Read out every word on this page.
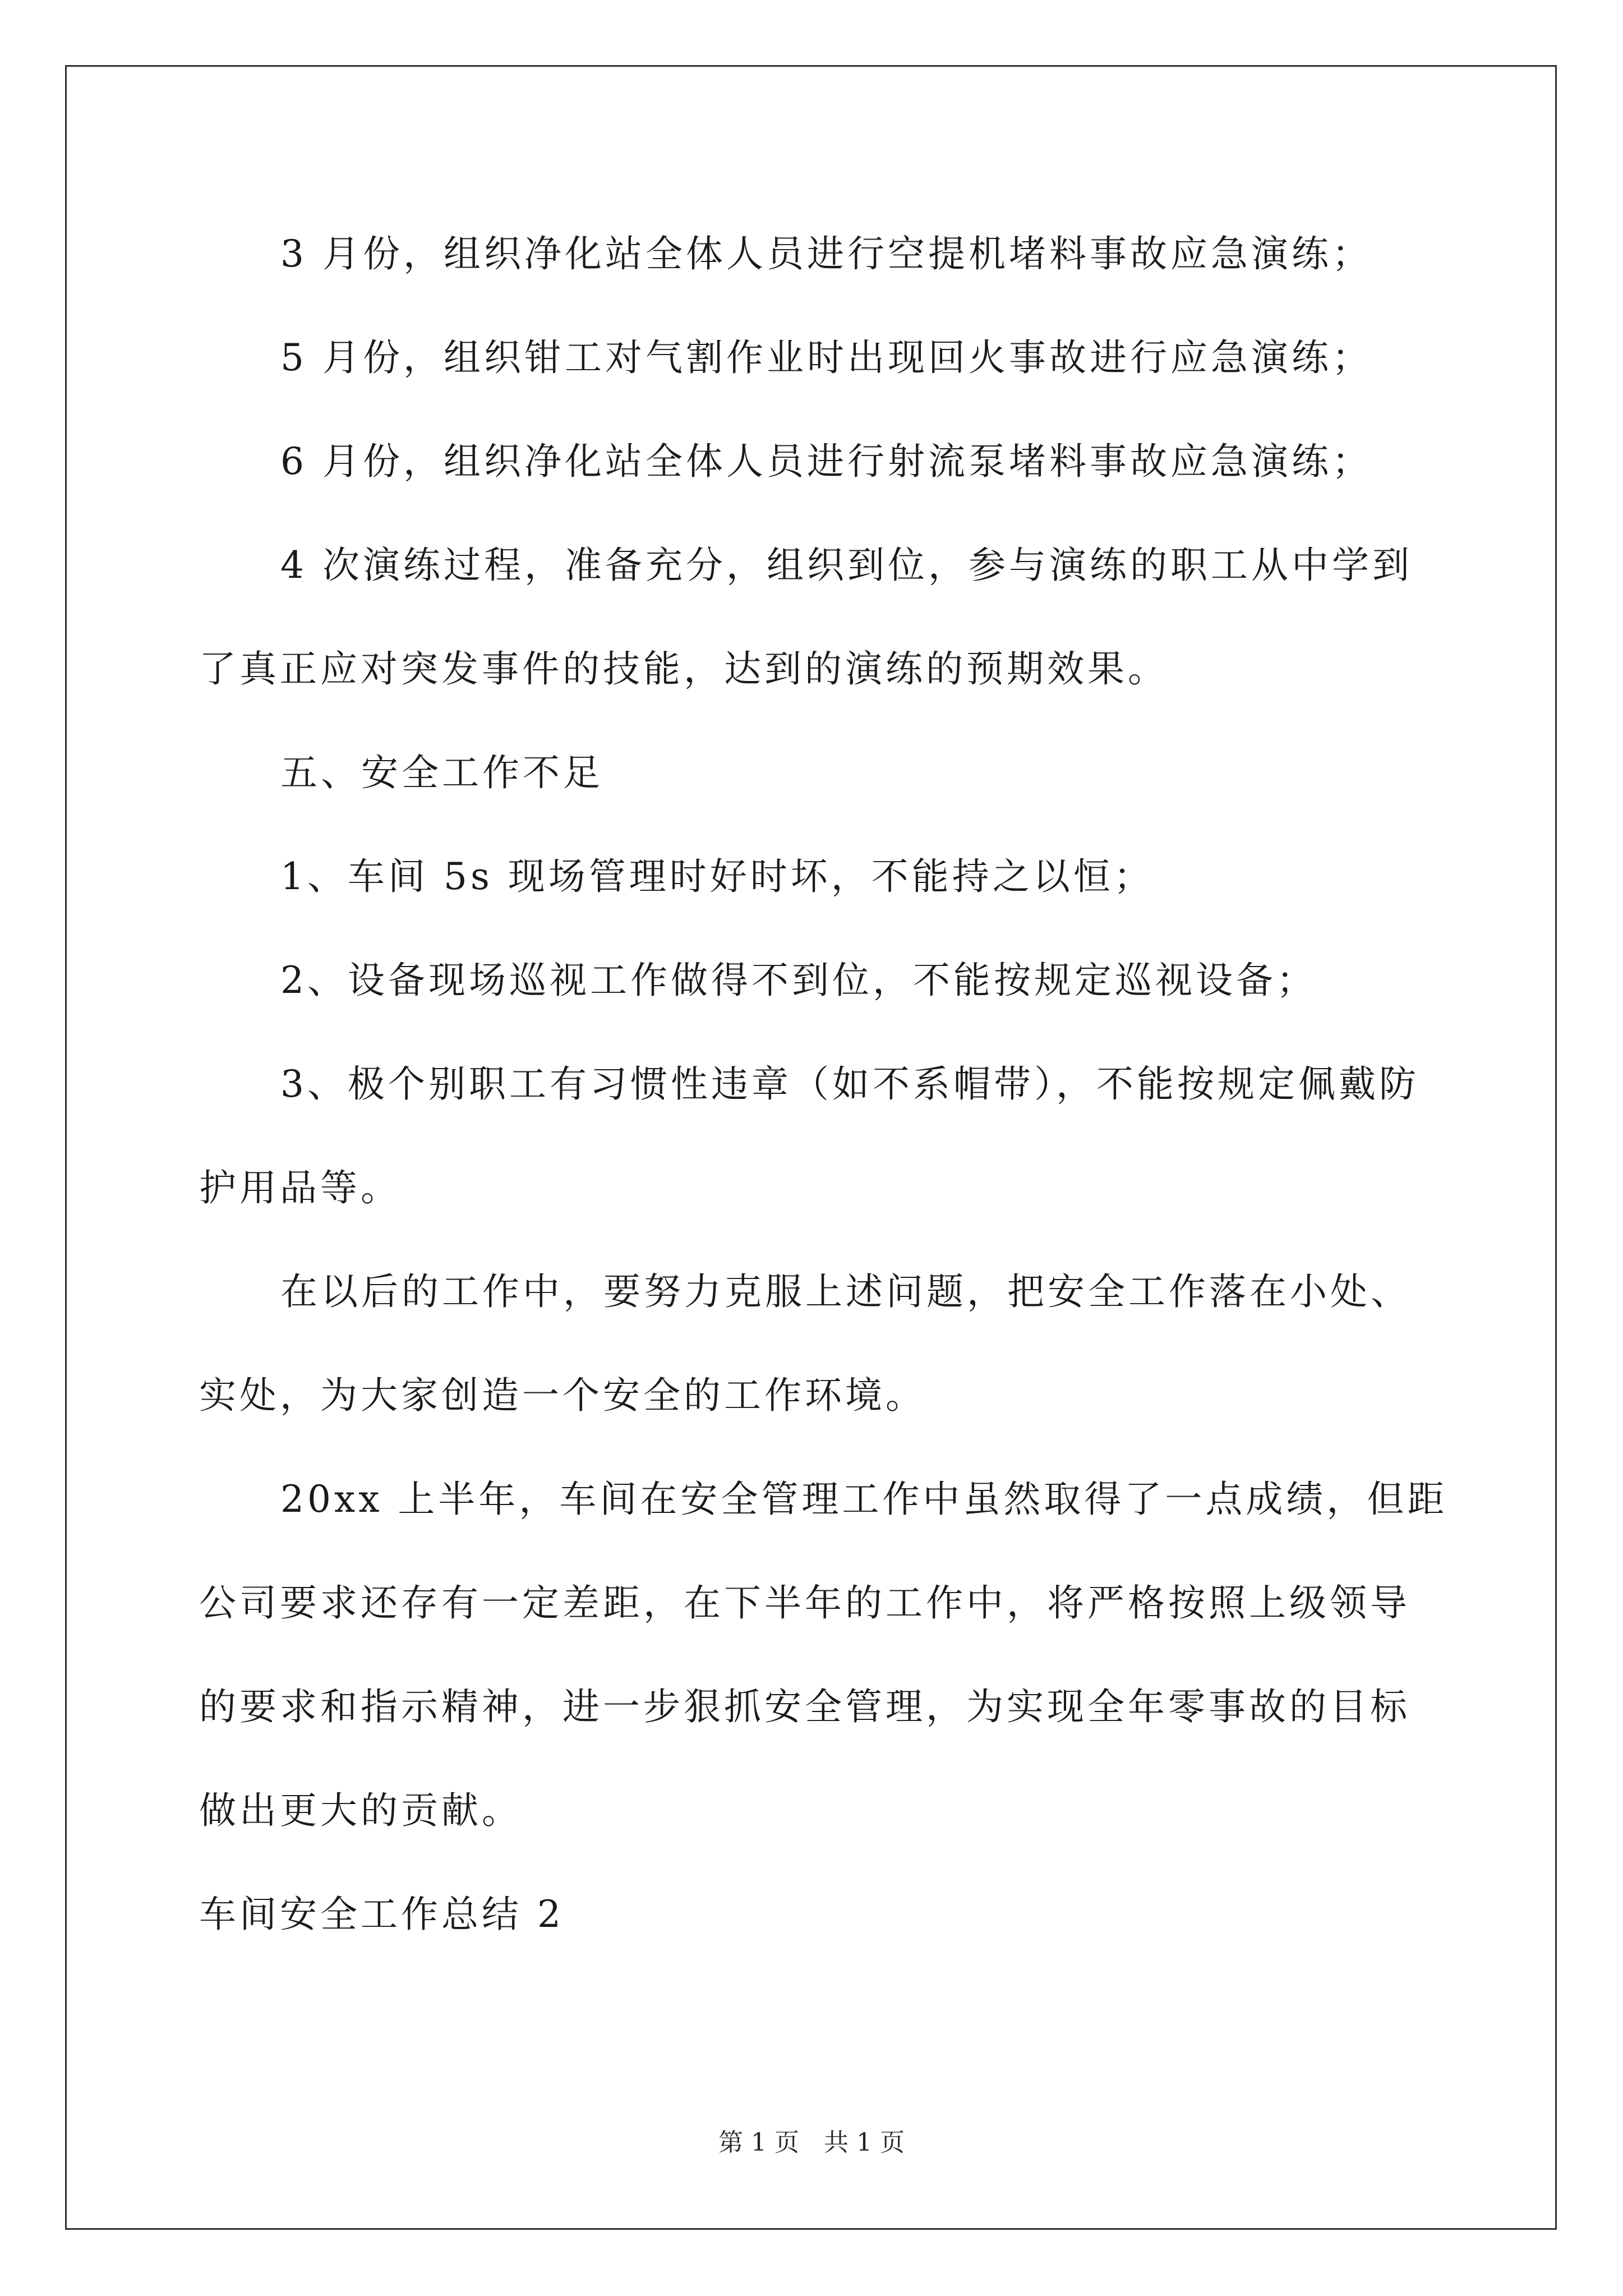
3 月份，组织净化站全体人员进行空提机堵料事故应急演练；
5 月份，组织钳工对气割作业时出现回火事故进行应急演练；
6 月份，组织净化站全体人员进行射流泵堵料事故应急演练；
4 次演练过程，准备充分，组织到位，参与演练的职工从中学到
了真正应对突发事件的技能，达到的演练的预期效果。
五、安全工作不足
1、车间 5s 现场管理时好时坏，不能持之以恒；
2、设备现场巡视工作做得不到位，不能按规定巡视设备；
3、极个别职工有习惯性违章（如不系帽带），不能按规定佩戴防
护用品等。
在以后的工作中，要努力克服上述问题，把安全工作落在小处、
实处，为大家创造一个安全的工作环境。
20xx 上半年，车间在安全管理工作中虽然取得了一点成绩，但距
公司要求还存有一定差距，在下半年的工作中，将严格按照上级领导
的要求和指示精神，进一步狠抓安全管理，为实现全年零事故的目标
做出更大的贡献。
车间安全工作总结 2
第 1 页　共 1 页
